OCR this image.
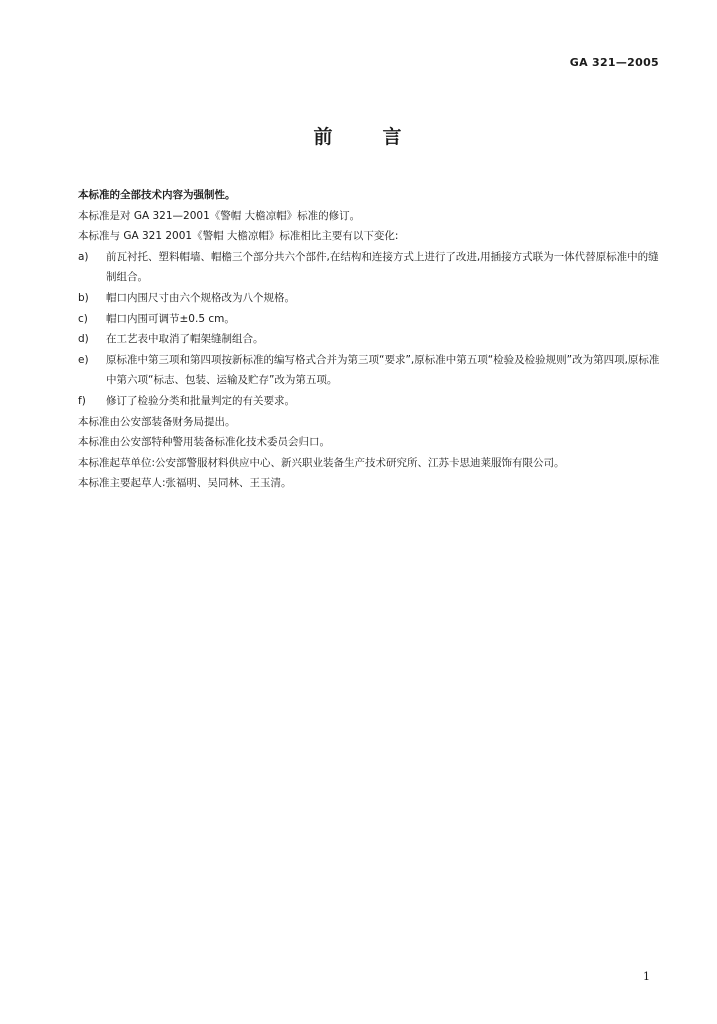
GA 321—2005
前	言
本标准的全部技术内容为强制性。
本标准是对 GA 321—2001《警帽 大檐凉帽》标准的修订。
本标准与 GA 321 2001《警帽 大檐凉帽》标准相比主要有以下变化:
a)	前瓦衬托、塑料帽墙、帽檐三个部分共六个部件,在结构和连接方式上进行了改进,用插接方式联为一体代替原标准中的缝制组合。
b)	帽口内围尺寸由六个规格改为八个规格。
c)	帽口内围可调节±0.5 cm。
d)	在工艺表中取消了帽架缝制组合。
e)	原标准中第三项和第四项按新标准的编写格式合并为第三项“要求”,原标准中第五项“检验及检验规则”改为第四项,原标准中第六项“标志、包装、运输及贮存”改为第五项。
f)	修订了检验分类和批量判定的有关要求。
本标准由公安部装备财务局提出。
本标准由公安部特种警用装备标准化技术委员会归口。
本标准起草单位:公安部警服材料供应中心、新兴职业装备生产技术研究所、江苏卡思迪莱服饰有限公司。
本标准主要起草人:张福明、吴同林、王玉清。
1
